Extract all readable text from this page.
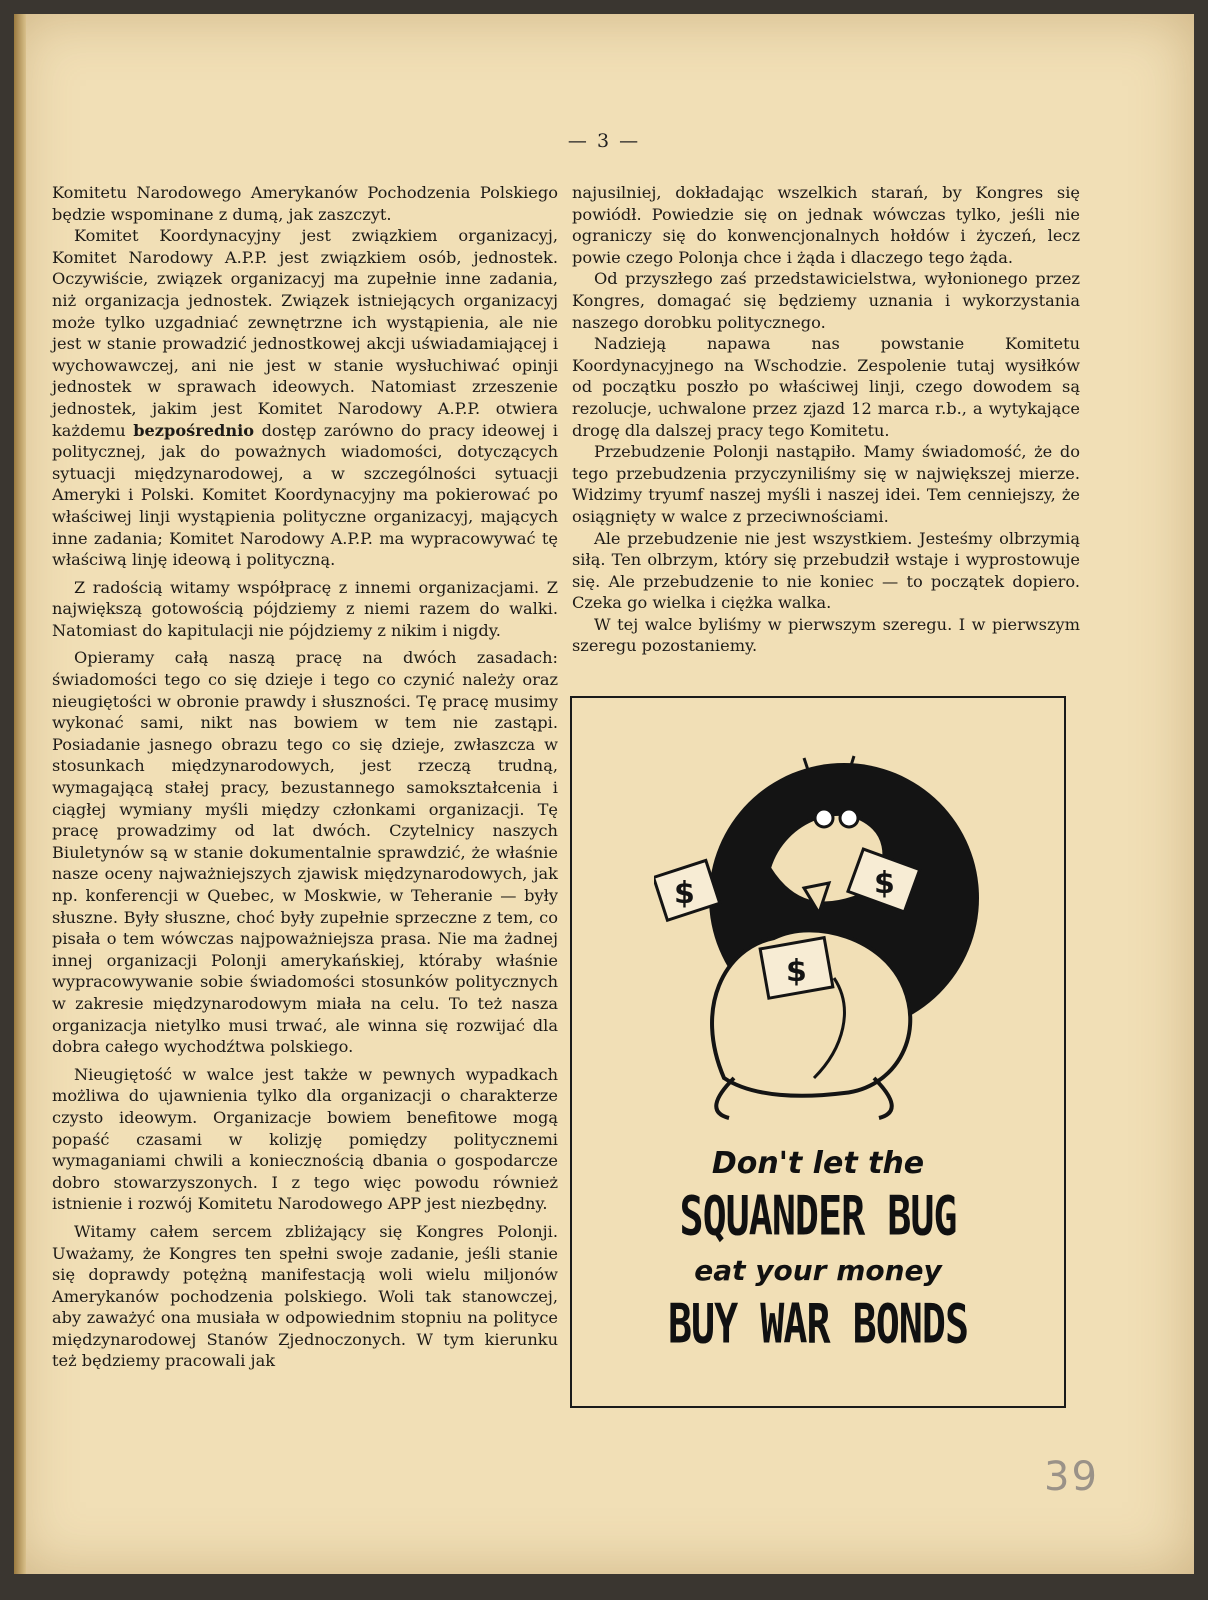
— 3 —

Komitetu Narodowego Amerykanów Pochodzenia Polskiego będzie wspominane z dumą, jak zaszczyt.

Komitet Koordynacyjny jest związkiem organizacyj, Komitet Narodowy A.P.P. jest związkiem osób, jednostek. Oczywiście, związek organizacyj ma zupełnie inne zadania, niż organizacja jednostek. Związek istniejących organizacyj może tylko uzgadniać zewnętrzne ich wystąpienia, ale nie jest w stanie prowadzić jednostkowej akcji uświadamiającej i wychowawczej, ani nie jest w stanie wysłuchiwać opinji jednostek w sprawach ideowych. Natomiast zrzeszenie jednostek, jakim jest Komitet Narodowy A.P.P. otwiera każdemu bezpośrednio dostęp zarówno do pracy ideowej i politycznej, jak do poważnych wiadomości, dotyczących sytuacji międzynarodowej, a w szczególności sytuacji Ameryki i Polski. Komitet Koordynacyjny ma pokierować po właściwej linji wystąpienia polityczne organizacyj, mających inne zadania; Komitet Narodowy A.P.P. ma wypracowywać tę właściwą linję ideową i polityczną.

Z radością witamy współpracę z innemi organizacjami. Z największą gotowością pójdziemy z niemi razem do walki. Natomiast do kapitulacji nie pójdziemy z nikim i nigdy.

Opieramy całą naszą pracę na dwóch zasadach: świadomości tego co się dzieje i tego co czynić należy oraz nieugiętości w obronie prawdy i słuszności. Tę pracę musimy wykonać sami, nikt nas bowiem w tem nie zastąpi. Posiadanie jasnego obrazu tego co się dzieje, zwłaszcza w stosunkach międzynarodowych, jest rzeczą trudną, wymagającą stałej pracy, bezustannego samokształcenia i ciągłej wymiany myśli między członkami organizacji. Tę pracę prowadzimy od lat dwóch. Czytelnicy naszych Biuletynów są w stanie dokumentalnie sprawdzić, że właśnie nasze oceny najważniejszych zjawisk międzynarodowych, jak np. konferencji w Quebec, w Moskwie, w Teheranie — były słuszne. Były słuszne, choć były zupełnie sprzeczne z tem, co pisała o tem wówczas najpoważniejsza prasa. Nie ma żadnej innej organizacji Polonji amerykańskiej, któraby właśnie wypracowywanie sobie świadomości stosunków politycznych w zakresie międzynarodowym miała na celu. To też nasza organizacja nietylko musi trwać, ale winna się rozwijać dla dobra całego wychodźtwa polskiego.

Nieugiętość w walce jest także w pewnych wypadkach możliwa do ujawnienia tylko dla organizacji o charakterze czysto ideowym. Organizacje bowiem benefitowe mogą popaść czasami w kolizję pomiędzy politycznemi wymaganiami chwili a koniecznością dbania o gospodarcze dobro stowarzyszonych. I z tego więc powodu również istnienie i rozwój Komitetu Narodowego APP jest niezbędny.

Witamy całem sercem zbliżający się Kongres Polonji. Uważamy, że Kongres ten spełni swoje zadanie, jeśli stanie się doprawdy potężną manifestacją woli wielu miljonów Amerykanów pochodzenia polskiego. Woli tak stanowczej, aby zaważyć ona musiała w odpowiednim stopniu na polityce międzynarodowej Stanów Zjednoczonych. W tym kierunku też będziemy pracowali jak

najusilniej, dokładając wszelkich starań, by Kongres się powiódł. Powiedzie się on jednak wówczas tylko, jeśli nie ograniczy się do konwencjonalnych hołdów i życzeń, lecz powie czego Polonja chce i żąda i dlaczego tego żąda.

Od przyszłego zaś przedstawicielstwa, wyłonionego przez Kongres, domagać się będziemy uznania i wykorzystania naszego dorobku politycznego.

Nadzieją napawa nas powstanie Komitetu Koordynacyjnego na Wschodzie. Zespolenie tutaj wysiłków od początku poszło po właściwej linji, czego dowodem są rezolucje, uchwalone przez zjazd 12 marca r.b., a wytykające drogę dla dalszej pracy tego Komitetu.

Przebudzenie Polonji nastąpiło. Mamy świadomość, że do tego przebudzenia przyczyniliśmy się w największej mierze. Widzimy tryumf naszej myśli i naszej idei. Tem cenniejszy, że osiągnięty w walce z przeciwnościami.

Ale przebudzenie nie jest wszystkiem. Jesteśmy olbrzymią siłą. Ten olbrzym, który się przebudził wstaje i wyprostowuje się. Ale przebudzenie to nie koniec — to początek dopiero. Czeka go wielka i ciężka walka.

W tej walce byliśmy w pierwszym szeregu. I w pierwszym szeregu pozostaniemy.

$	$
$
Don't let the
SQUANDER BUG
eat your money
BUY WAR BONDS
39
